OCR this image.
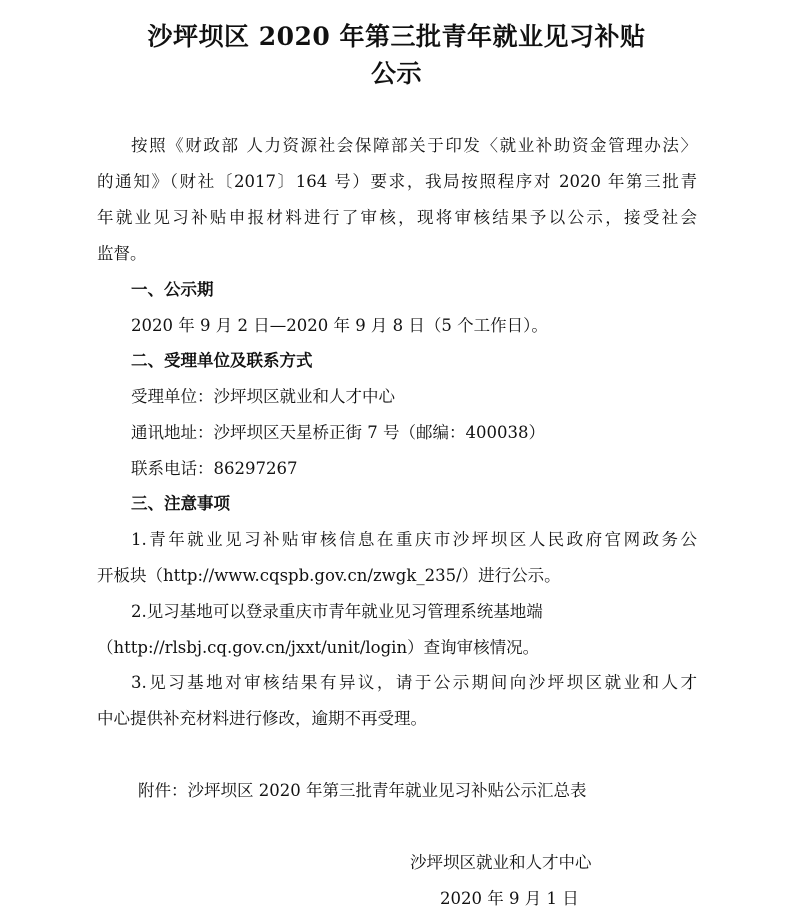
沙坪坝区 2020 年第三批青年就业见习补贴
公示
按照《财政部 人力资源社会保障部关于印发〈就业补助资金管理办法〉
的通知》（财社〔2017〕164 号）要求，我局按照程序对 2020 年第三批青
年就业见习补贴申报材料进行了审核，现将审核结果予以公示，接受社会
监督。
一、公示期
2020 年 9 月 2 日—2020 年 9 月 8 日（5 个工作日）。
二、受理单位及联系方式
受理单位：沙坪坝区就业和人才中心
通讯地址：沙坪坝区天星桥正街 7 号（邮编：400038）
联系电话：86297267
三、注意事项
1.青年就业见习补贴审核信息在重庆市沙坪坝区人民政府官网政务公
开板块（http://www.cqspb.gov.cn/zwgk_235/）进行公示。
2.见习基地可以登录重庆市青年就业见习管理系统基地端
（http://rlsbj.cq.gov.cn/jxxt/unit/login）查询审核情况。
3.见习基地对审核结果有异议，请于公示期间向沙坪坝区就业和人才
中心提供补充材料进行修改，逾期不再受理。
附件：沙坪坝区 2020 年第三批青年就业见习补贴公示汇总表
沙坪坝区就业和人才中心
2020 年 9 月 1 日
